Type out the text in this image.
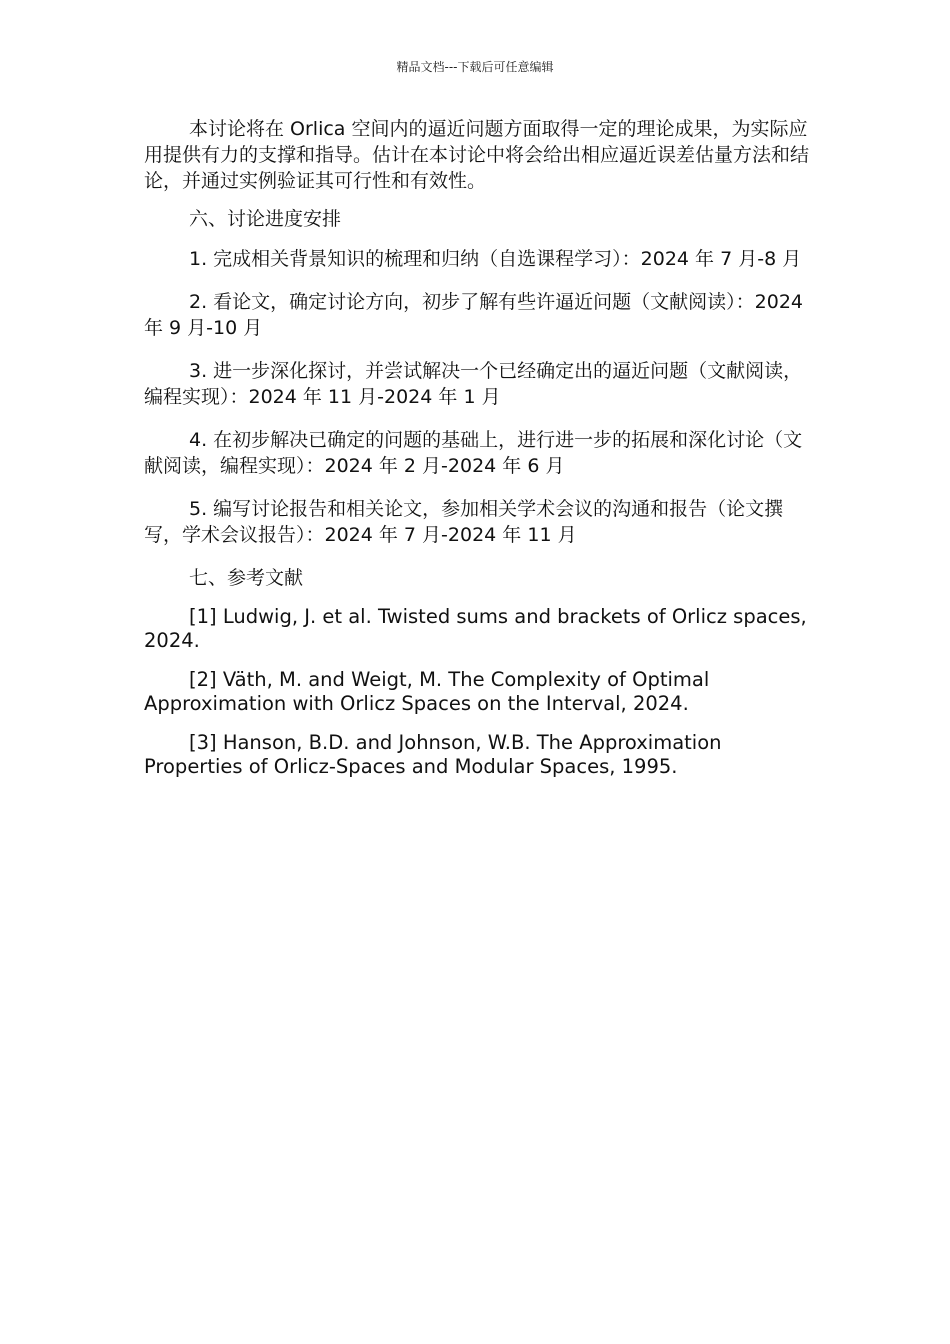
精品文档---下载后可任意编辑

本讨论将在 Orlica 空间内的逼近问题方面取得一定的理论成果，为实际应用提供有力的支撑和指导。估计在本讨论中将会给出相应逼近误差估量方法和结论，并通过实例验证其可行性和有效性。

六、讨论进度安排

1. 完成相关背景知识的梳理和归纳（自选课程学习）：2024 年 7 月-8 月

2. 看论文，确定讨论方向，初步了解有些许逼近问题（文献阅读）：2024 年 9 月-10 月

3. 进一步深化探讨，并尝试解决一个已经确定出的逼近问题（文献阅读，编程实现）：2024 年 11 月-2024 年 1 月

4. 在初步解决已确定的问题的基础上，进行进一步的拓展和深化讨论（文献阅读，编程实现）：2024 年 2 月-2024 年 6 月

5. 编写讨论报告和相关论文，参加相关学术会议的沟通和报告（论文撰写，学术会议报告）：2024 年 7 月-2024 年 11 月

七、参考文献

[1] Ludwig, J. et al. Twisted sums and brackets of Orlicz spaces, 2024.

[2] Väth, M. and Weigt, M. The Complexity of Optimal Approximation with Orlicz Spaces on the Interval, 2024.

[3] Hanson, B.D. and Johnson, W.B. The Approximation Properties of Orlicz-Spaces and Modular Spaces, 1995.
